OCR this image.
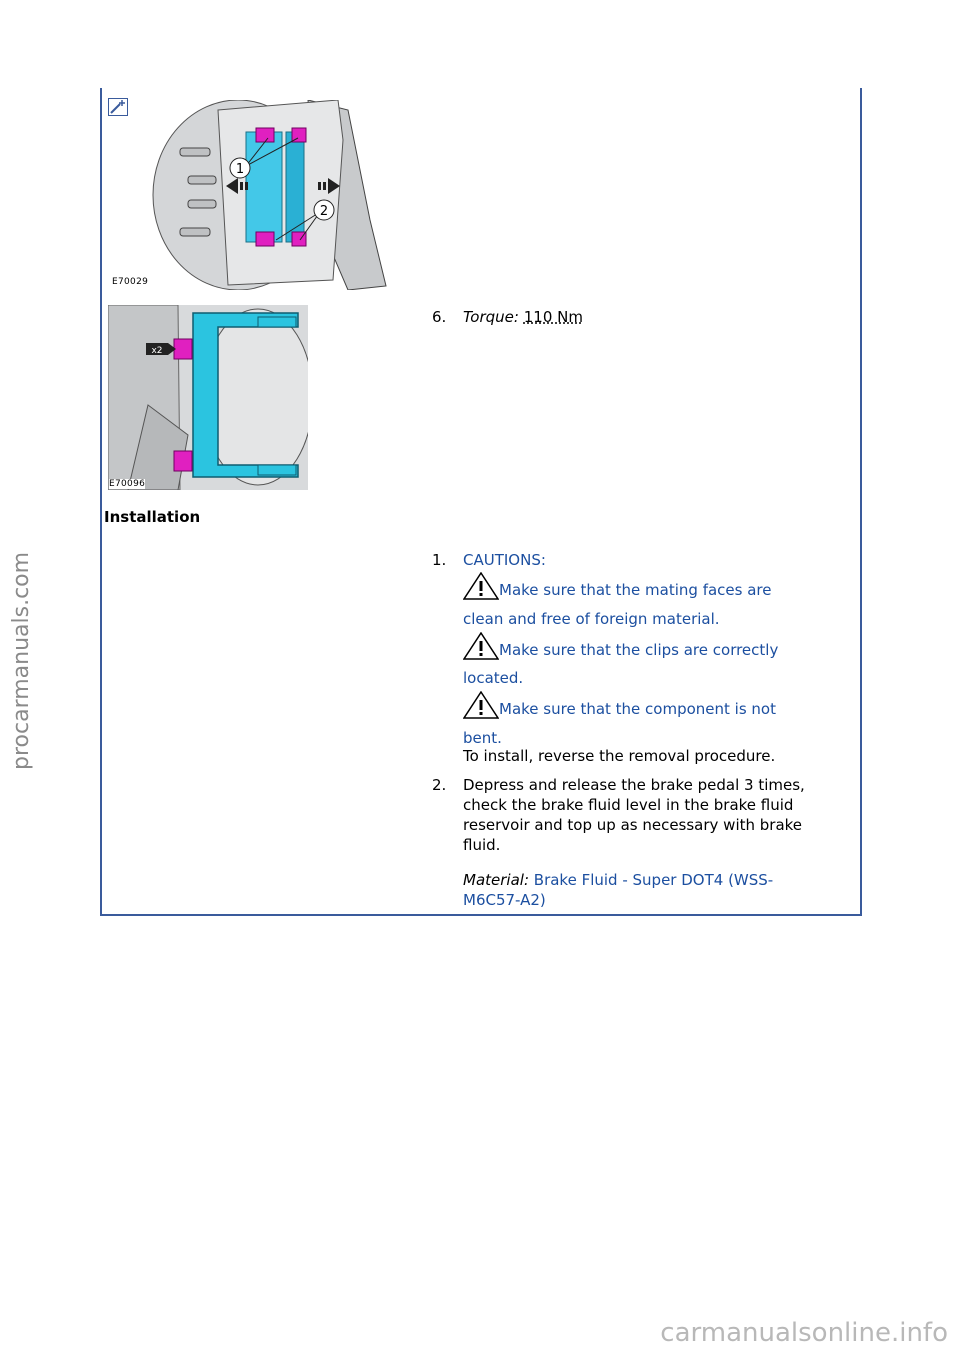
procarmanuals.com
carmanualsonline.info
1
2
E70029
x2
E70096
6.	Torque: 110 Nm
Installation
1.	CAUTIONS:
Make sure that the mating faces are
clean and free of foreign material.
Make sure that the clips are correctly
located.
Make sure that the component is not
bent.
To install, reverse the removal procedure.
2.	Depress and release the brake pedal 3 times,
check the brake fluid level in the brake fluid
reservoir and top up as necessary with brake
fluid.
Material: Brake Fluid - Super DOT4 (WSS-
M6C57-A2)
